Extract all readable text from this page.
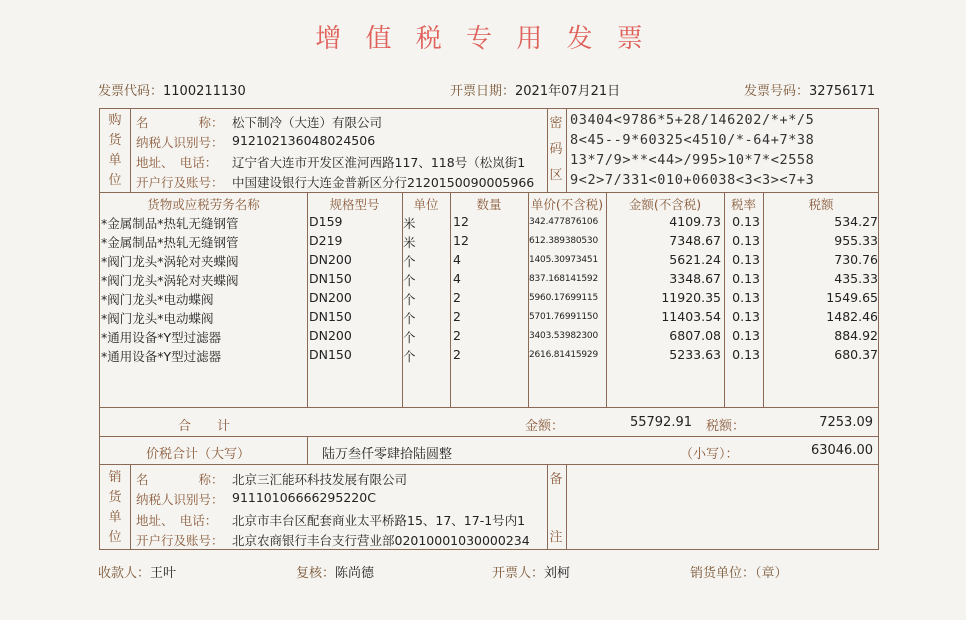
增 值 税 专 用 发 票
发票代码：1100211130	开票日期：2021年07月21日	发票号码：32756171
购
货
单
位
名　　　　称： 松下制冷（大连）有限公司
纳税人识别号： 912102136048024506
地址、　电话： 辽宁省大连市开发区淮河西路117、118号（松岚街1
开户行及账号： 中国建设银行大连金普新区分行2120150090005966
密
码
区
03404<9786*5+28/146202/*+*/5
8<45--9*60325<4510/*-64+7*38
13*7/9>**<44>/995>10*7*<2558
9<2>7/331<010+06038<3<3><7+3
货物或应税劳务名称	规格型号	单位	数量	单价(不含税)	金额(不含税)	税率	税额
*金属制品*热轧无缝钢管	D159	米	12	342.477876106	4109.73 0.13	534.27
*金属制品*热轧无缝钢管	D219	米	12	612.389380530	7348.67 0.13	955.33
*阀门龙头*涡轮对夹蝶阀	DN200	个	4	1405.30973451	5621.24 0.13	730.76
*阀门龙头*涡轮对夹蝶阀	DN150	个	4	837.168141592	3348.67 0.13	435.33
*阀门龙头*电动蝶阀	DN200	个	2	5960.17699115	11920.35 0.13	1549.65
*阀门龙头*电动蝶阀	DN150	个	2	5701.76991150	11403.54 0.13	1482.46
*通用设备*Y型过滤器	DN200	个	2	3403.53982300	6807.08 0.13	884.92
*通用设备*Y型过滤器	DN150	个	2	2616.81415929	5233.63 0.13	680.37
合　　计	金额：	55792.91 税额：	7253.09
价税合计（大写）	陆万叁仟零肆拾陆圆整	（小写）：	63046.00
销
货
单
位
名　　　　称： 北京三汇能环科技发展有限公司
纳税人识别号： 91110106666295220C
地址、　电话： 北京市丰台区配套商业太平桥路15、17、17-1号内1
开户行及账号： 北京农商银行丰台支行营业部02010001030000234
备
注
收款人：王叶	复核：陈尚德	开票人：刘柯	销货单位：（章）
